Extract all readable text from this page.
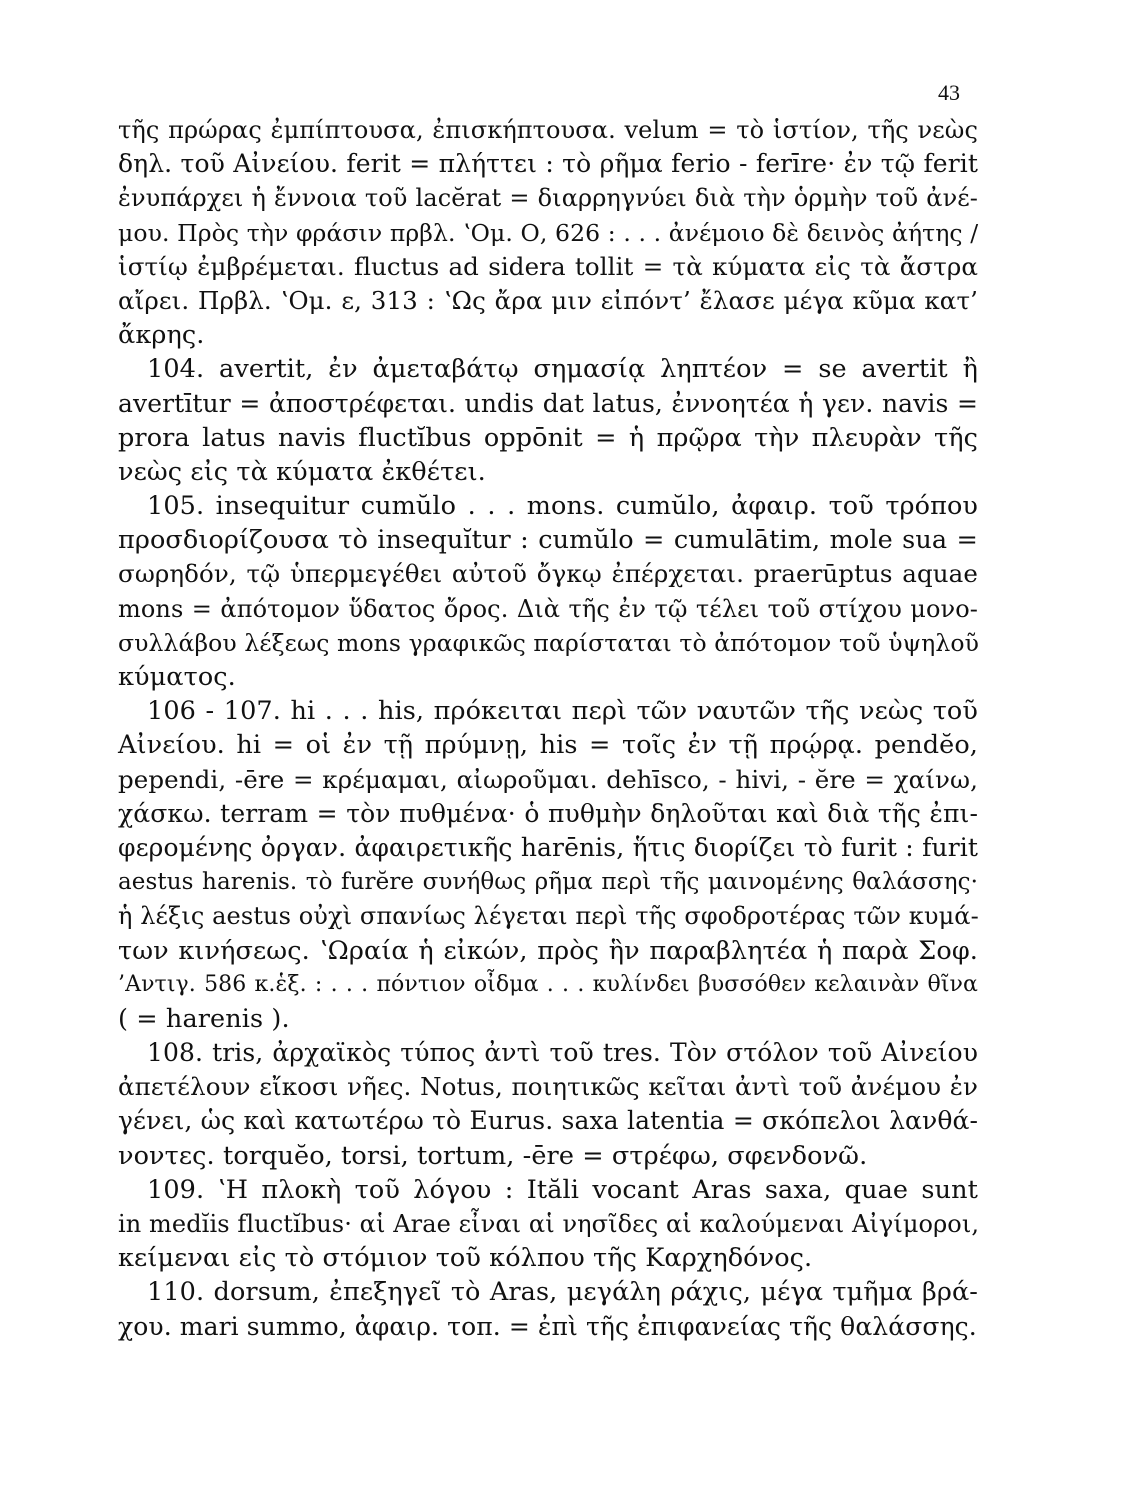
43
τῆς πρώρας ἐμπίπτουσα, ἐπισκήπτουσα. velum = τὸ ἱστίον, τῆς νεὼς
δηλ. τοῦ Αἰνείου. ferit = πλήττει : τὸ ρῆμα ferio - ferīre· ἐν τῷ ferit
ἐνυπάρχει ἡ ἔννοια τοῦ lacĕrat = διαρρηγνύει διὰ τὴν ὁρμὴν τοῦ ἀνέ-
μου. Πρὸς τὴν φράσιν πρβλ. ʽΟμ. Ο, 626 : . . . ἀνέμοιο δὲ δεινὸς ἀήτης /
ἱστίῳ ἐμβρέμεται. fluctus ad sidera tollit = τὰ κύματα εἰς τὰ ἄστρα
αἴρει. Πρβλ. ʽΟμ. ε, 313 : ʽΩς ἄρα μιν εἰπόντ’ ἔλασε μέγα κῦμα κατ’
ἄκρης.
104. avertit, ἐν ἀμεταβάτῳ σημασίᾳ ληπτέον = se avertit ἢ
avertītur = ἀποστρέφεται. undis dat latus, ἐννοητέα ἡ γεν. navis =
prora latus navis fluctĭbus oppōnit = ἡ πρῷρα τὴν πλευρὰν τῆς
νεὼς εἰς τὰ κύματα ἐκθέτει.
105. insequitur cumŭlo . . . mons. cumŭlo, ἀφαιρ. τοῦ τρόπου
προσδιορίζουσα τὸ insequĭtur : cumŭlo = cumulātim, mole sua =
σωρηδόν, τῷ ὑπερμεγέθει αὐτοῦ ὄγκῳ ἐπέρχεται. praerūptus aquae
mons = ἀπότομον ὕδατος ὄρος. Διὰ τῆς ἐν τῷ τέλει τοῦ στίχου μονο-
συλλάβου λέξεως mons γραφικῶς παρίσταται τὸ ἀπότομον τοῦ ὑψηλοῦ
κύματος.
106 - 107. hi . . . his, πρόκειται περὶ τῶν ναυτῶν τῆς νεὼς τοῦ
Αἰνείου. hi = οἱ ἐν τῇ πρύμνῃ, his = τοῖς ἐν τῇ πρῴρᾳ. pendĕo,
pependi, -ēre = κρέμαμαι, αἰωροῦμαι. dehīsco, - hivi, - ĕre = χαίνω,
χάσκω. terram = τὸν πυθμένα· ὁ πυθμὴν δηλοῦται καὶ διὰ τῆς ἐπι-
φερομένης ὀργαν. ἀφαιρετικῆς harēnis, ἥτις διορίζει τὸ furit : furit
aestus harenis. τὸ furĕre συνήθως ρῆμα περὶ τῆς μαινομένης θαλάσσης·
ἡ λέξις aestus οὐχὶ σπανίως λέγεται περὶ τῆς σφοδροτέρας τῶν κυμά-
των κινήσεως. ʽΩραία ἡ εἰκών, πρὸς ἣν παραβλητέα ἡ παρὰ Σοφ.
’Αντιγ. 586 κ.ἑξ. : . . . πόντιον οἶδμα . . . κυλίνδει βυσσόθεν κελαινὰν θῖνα
( = harenis ).
108. tris, ἀρχαϊκὸς τύπος ἀντὶ τοῦ tres. Τὸν στόλον τοῦ Αἰνείου
ἀπετέλουν εἴκοσι νῆες. Notus, ποιητικῶς κεῖται ἀντὶ τοῦ ἀνέμου ἐν
γένει, ὡς καὶ κατωτέρω τὸ Eurus. saxa latentia = σκόπελοι λανθά-
νοντες. torquĕo, torsi, tortum, -ēre = στρέφω, σφενδονῶ.
109. ʽΗ πλοκὴ τοῦ λόγου : Ităli vocant Aras saxa, quae sunt
in medĭis fluctĭbus· αἱ Arae εἶναι αἱ νησῖδες αἱ καλούμεναι Αἰγίμοροι,
κείμεναι εἰς τὸ στόμιον τοῦ κόλπου τῆς Καρχηδόνος.
110. dorsum, ἐπεξηγεῖ τὸ Aras, μεγάλη ράχις, μέγα τμῆμα βρά-
χου. mari summo, ἀφαιρ. τοπ. = ἐπὶ τῆς ἐπιφανείας τῆς θαλάσσης.
